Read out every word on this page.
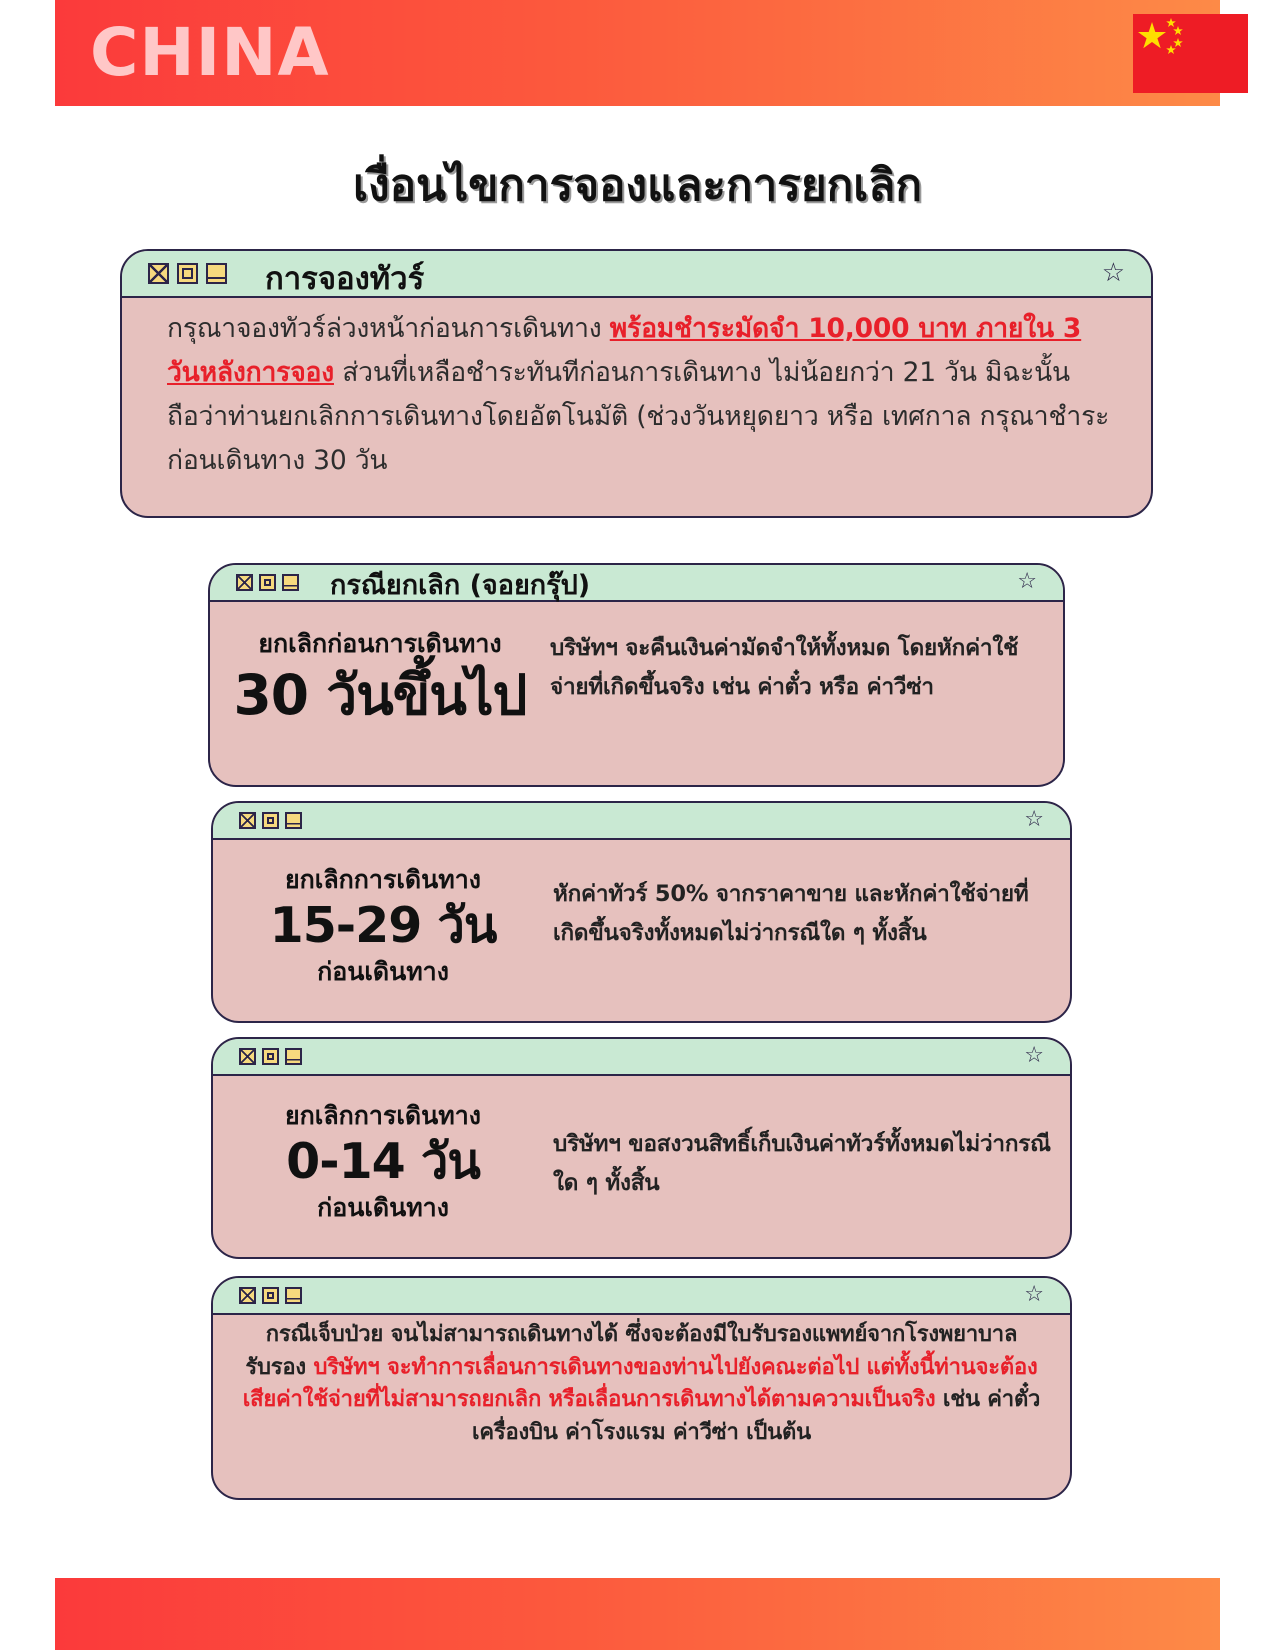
CHINA
เงื่อนไขการจองและการยกเลิก
การจองทัวร์	☆
กรุณาจองทัวร์ล่วงหน้าก่อนการเดินทาง พร้อมชำระมัดจำ 10,000 บาท ภายใน 3 วันหลังการจอง ส่วนที่เหลือชำระทันทีก่อนการเดินทาง ไม่น้อยกว่า 21 วัน มิฉะนั้น ถือว่าท่านยกเลิกการเดินทางโดยอัตโนมัติ (ช่วงวันหยุดยาว หรือ เทศกาล กรุณาชำระก่อนเดินทาง 30 วัน
กรณียกเลิก (จอยกรุ๊ป)	☆
ยกเลิกก่อนการเดินทาง
30 วันขึ้นไป
บริษัทฯ จะคืนเงินค่ามัดจำให้ทั้งหมด โดยหักค่าใช้จ่ายที่เกิดขึ้นจริง เช่น ค่าตั๋ว หรือ ค่าวีซ่า
☆
ยกเลิกการเดินทาง
15-29 วัน
ก่อนเดินทาง
หักค่าทัวร์ 50% จากราคาขาย และหักค่าใช้จ่ายที่เกิดขึ้นจริงทั้งหมดไม่ว่ากรณีใด ๆ ทั้งสิ้น
☆
ยกเลิกการเดินทาง
0-14 วัน
ก่อนเดินทาง
บริษัทฯ ขอสงวนสิทธิ์เก็บเงินค่าทัวร์ทั้งหมดไม่ว่ากรณีใด ๆ ทั้งสิ้น
☆
กรณีเจ็บป่วย จนไม่สามารถเดินทางได้ ซึ่งจะต้องมีใบรับรองแพทย์จากโรงพยาบาลรับรอง บริษัทฯ จะทำการเลื่อนการเดินทางของท่านไปยังคณะต่อไป แต่ทั้งนี้ท่านจะต้องเสียค่าใช้จ่ายที่ไม่สามารถยกเลิก หรือเลื่อนการเดินทางได้ตามความเป็นจริง เช่น ค่าตั๋วเครื่องบิน ค่าโรงแรม ค่าวีซ่า เป็นต้น
